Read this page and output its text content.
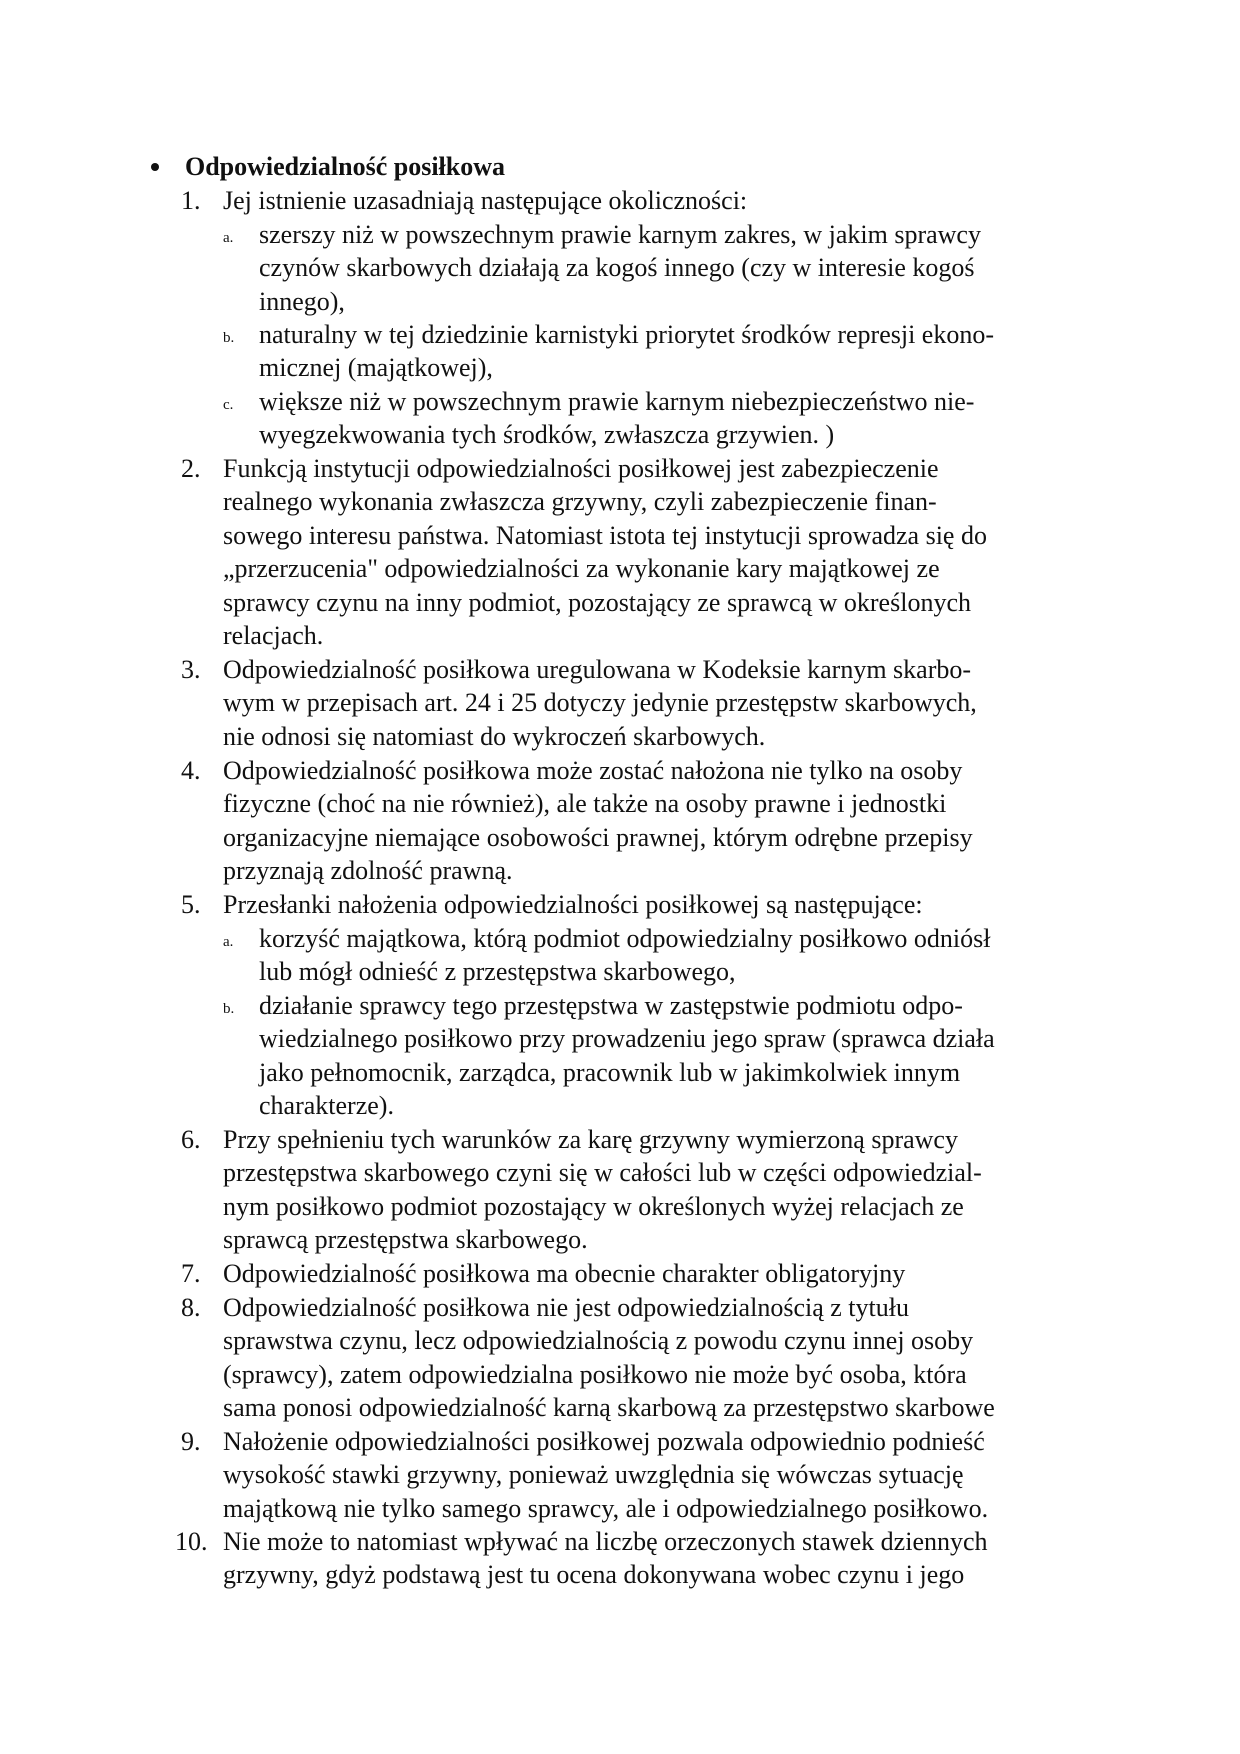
Odpowiedzialność posiłkowa
1. Jej istnienie uzasadniają następujące okoliczności:
a. szerszy niż w powszechnym prawie karnym zakres, w jakim sprawcy
czynów skarbowych działają za kogoś innego (czy w interesie kogoś
innego),
b. naturalny w tej dziedzinie karnistyki priorytet środków represji ekono-
micznej (majątkowej),
c. większe niż w powszechnym prawie karnym niebezpieczeństwo nie-
wyegzekwowania tych środków, zwłaszcza grzywien. )
2. Funkcją instytucji odpowiedzialności posiłkowej jest zabezpieczenie
realnego wykonania zwłaszcza grzywny, czyli zabezpieczenie finan-
sowego interesu państwa. Natomiast istota tej instytucji sprowadza się do
„przerzucenia" odpowiedzialności za wykonanie kary majątkowej ze
sprawcy czynu na inny podmiot, pozostający ze sprawcą w określonych
relacjach.
3. Odpowiedzialność posiłkowa uregulowana w Kodeksie karnym skarbo-
wym w przepisach art. 24 i 25 dotyczy jedynie przestępstw skarbowych,
nie odnosi się natomiast do wykroczeń skarbowych.
4. Odpowiedzialność posiłkowa może zostać nałożona nie tylko na osoby
fizyczne (choć na nie również), ale także na osoby prawne i jednostki
organizacyjne niemające osobowości prawnej, którym odrębne przepisy
przyznają zdolność prawną.
5. Przesłanki nałożenia odpowiedzialności posiłkowej są następujące:
a. korzyść majątkowa, którą podmiot odpowiedzialny posiłkowo odniósł
lub mógł odnieść z przestępstwa skarbowego,
b. działanie sprawcy tego przestępstwa w zastępstwie podmiotu odpo-
wiedzialnego posiłkowo przy prowadzeniu jego spraw (sprawca działa
jako pełnomocnik, zarządca, pracownik lub w jakimkolwiek innym
charakterze).
6. Przy spełnieniu tych warunków za karę grzywny wymierzoną sprawcy
przestępstwa skarbowego czyni się w całości lub w części odpowiedzial-
nym posiłkowo podmiot pozostający w określonych wyżej relacjach ze
sprawcą przestępstwa skarbowego.
7. Odpowiedzialność posiłkowa ma obecnie charakter obligatoryjny
8. Odpowiedzialność posiłkowa nie jest odpowiedzialnością z tytułu
sprawstwa czynu, lecz odpowiedzialnością z powodu czynu innej osoby
(sprawcy), zatem odpowiedzialna posiłkowo nie może być osoba, która
sama ponosi odpowiedzialność karną skarbową za przestępstwo skarbowe
9. Nałożenie odpowiedzialności posiłkowej pozwala odpowiednio podnieść
wysokość stawki grzywny, ponieważ uwzględnia się wówczas sytuację
majątkową nie tylko samego sprawcy, ale i odpowiedzialnego posiłkowo.
10. Nie może to natomiast wpływać na liczbę orzeczonych stawek dziennych
grzywny, gdyż podstawą jest tu ocena dokonywana wobec czynu i jego
